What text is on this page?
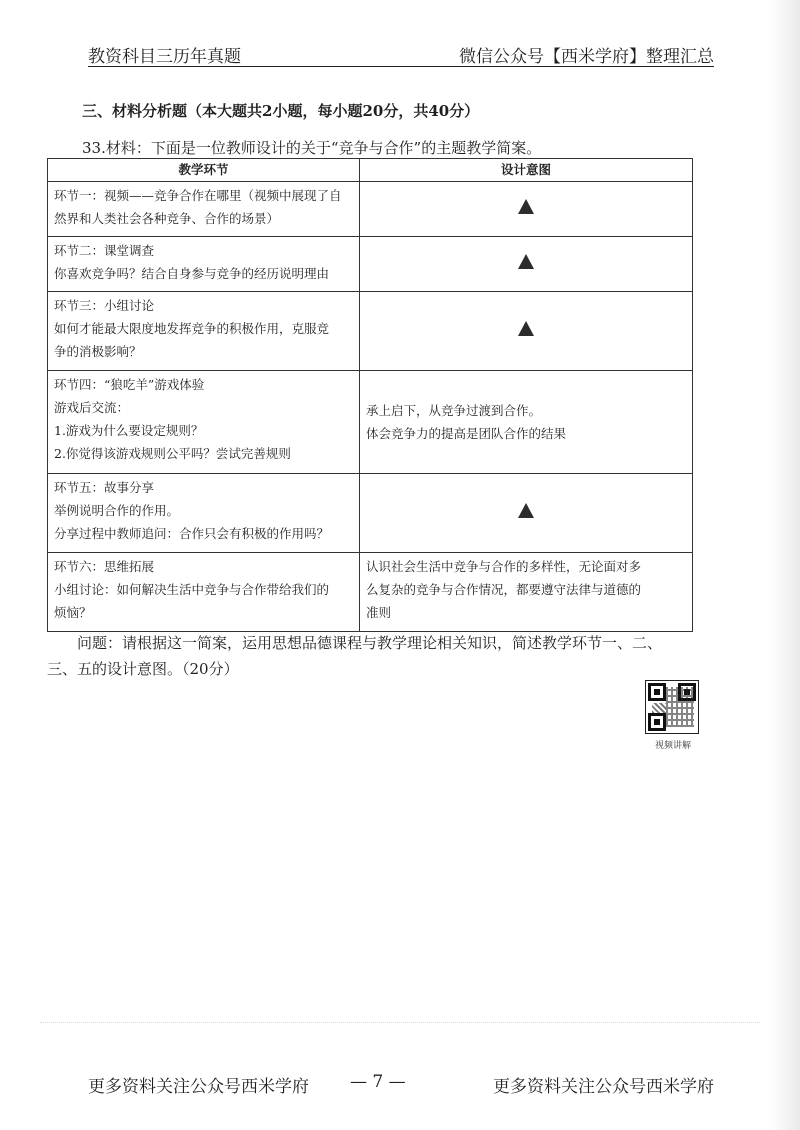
教资科目三历年真题	微信公众号【西米学府】整理汇总
三、材料分析题（本大题共2小题，每小题20分，共40分）
33.材料：下面是一位教师设计的关于“竞争与合作”的主题教学简案。
教学环节	设计意图

环节一：视频——竞争合作在哪里（视频中展现了自
然界和人类社会各种竞争、合作的场景）	

环节二：课堂调查
你喜欢竞争吗？结合自身参与竞争的经历说明理由	

环节三：小组讨论
如何才能最大限度地发挥竞争的积极作用，克服竞
争的消极影响？	

环节四：“狼吃羊”游戏体验
游戏后交流：
1.游戏为什么要设定规则？
2.你觉得该游戏规则公平吗？尝试完善规则	承上启下，从竞争过渡到合作。
体会竞争力的提高是团队合作的结果

环节五：故事分享
举例说明合作的作用。
分享过程中教师追问：合作只会有积极的作用吗？	

环节六：思维拓展
小组讨论：如何解决生活中竞争与合作带给我们的
烦恼？	认识社会生活中竞争与合作的多样性，无论面对多
么复杂的竞争与合作情况，都要遵守法律与道德的
准则
问题：请根据这一简案，运用思想品德课程与教学理论相关知识，简述教学环节一、二、
三、五的设计意图。（20分）
视频讲解
更多资料关注公众号西米学府 — 7 —	更多资料关注公众号西米学府
